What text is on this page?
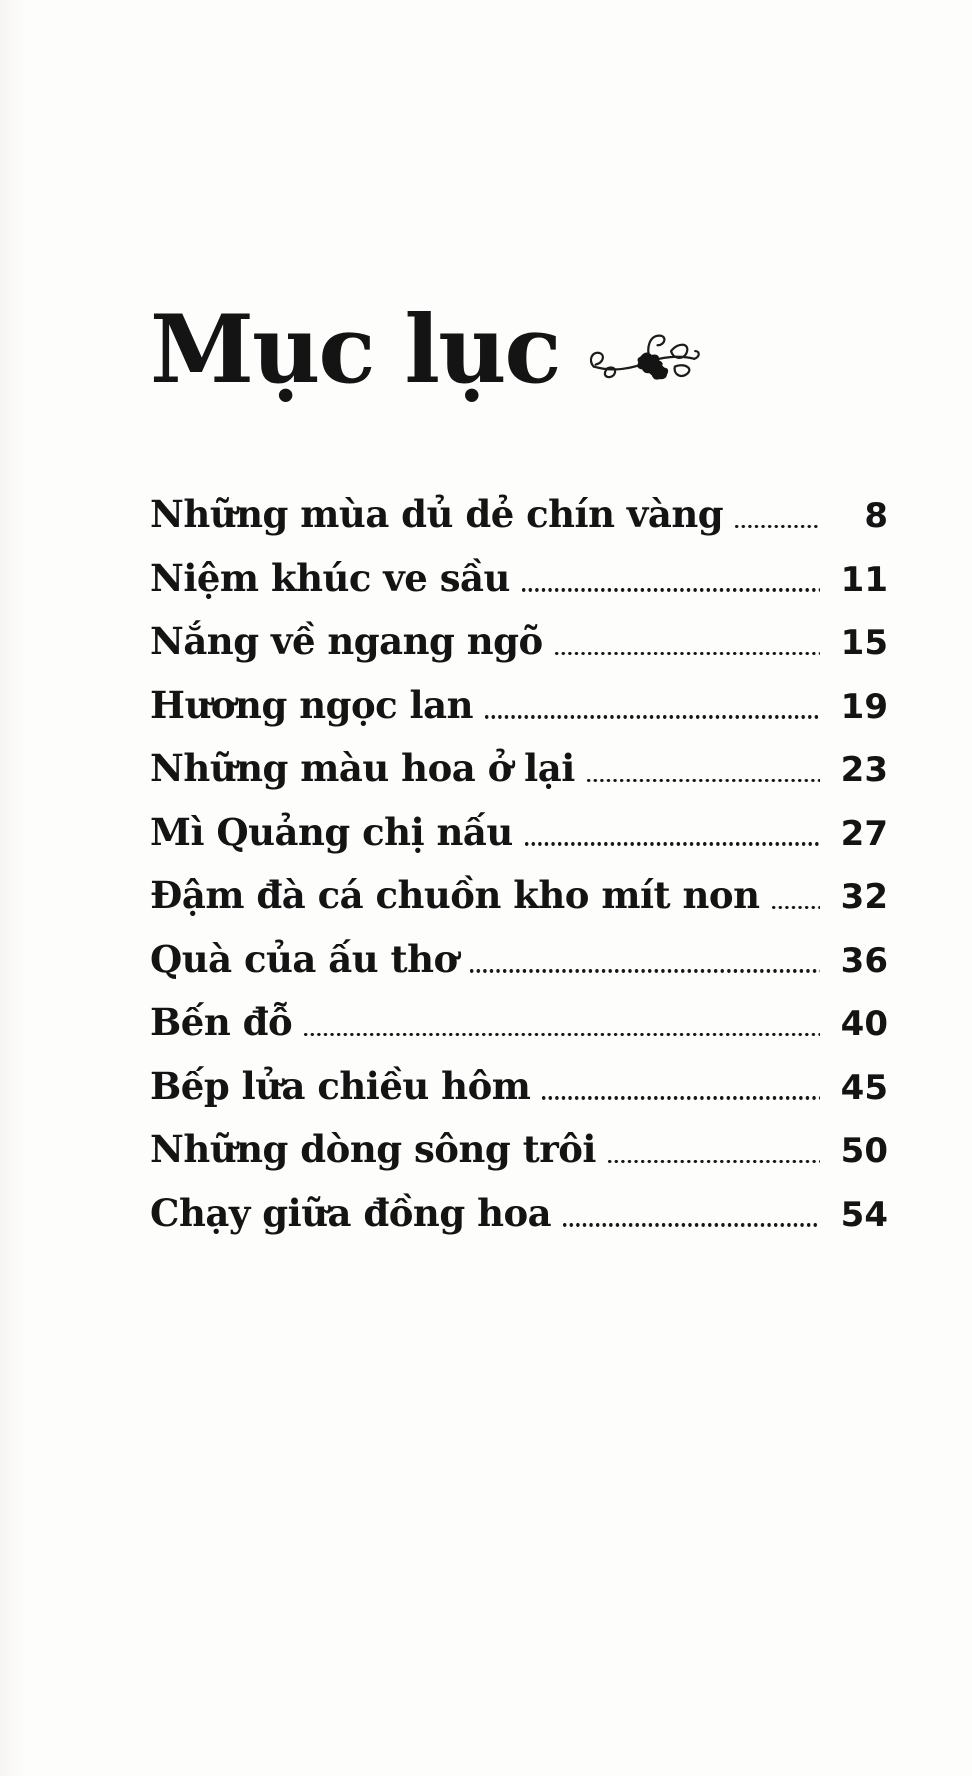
Mục lục
Những mùa dủ dẻ chín vàng	8
Niệm khúc ve sầu	11
Nắng về ngang ngõ	15
Hương ngọc lan	19
Những màu hoa ở lại	23
Mì Quảng chị nấu	27
Đậm đà cá chuồn kho mít non	32
Quà của ấu thơ	36
Bến đỗ	40
Bếp lửa chiều hôm	45
Những dòng sông trôi	50
Chạy giữa đồng hoa	54
